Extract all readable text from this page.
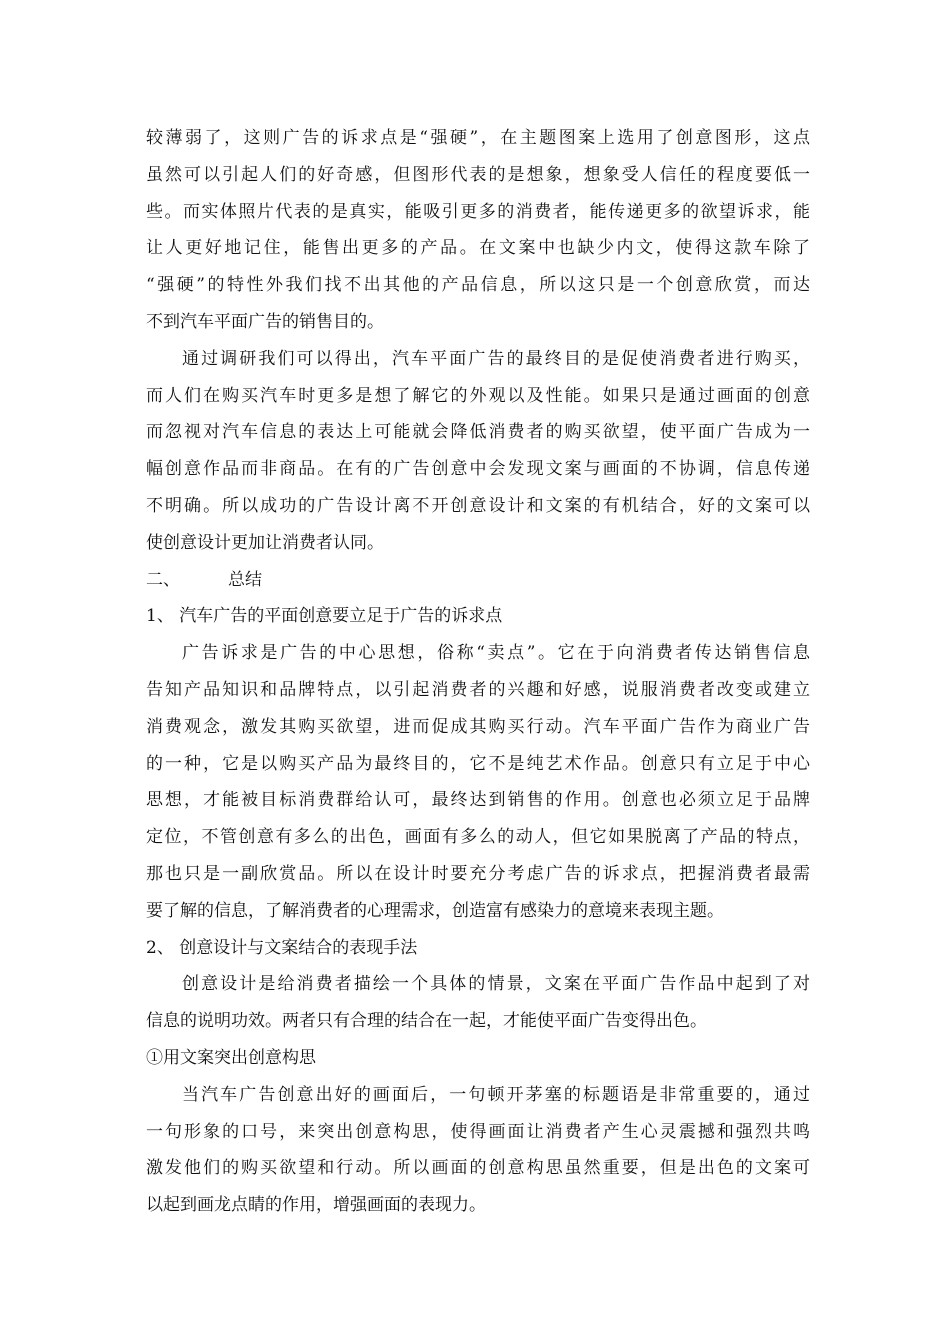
较薄弱了，这则广告的诉求点是“强硬”，在主题图案上选用了创意图形，这点
虽然可以引起人们的好奇感，但图形代表的是想象，想象受人信任的程度要低一
些。而实体照片代表的是真实，能吸引更多的消费者，能传递更多的欲望诉求，能
让人更好地记住，能售出更多的产品。在文案中也缺少内文，使得这款车除了
“强硬”的特性外我们找不出其他的产品信息，所以这只是一个创意欣赏，而达
不到汽车平面广告的销售目的。
通过调研我们可以得出，汽车平面广告的最终目的是促使消费者进行购买，
而人们在购买汽车时更多是想了解它的外观以及性能。如果只是通过画面的创意
而忽视对汽车信息的表达上可能就会降低消费者的购买欲望，使平面广告成为一
幅创意作品而非商品。在有的广告创意中会发现文案与画面的不协调，信息传递
不明确。所以成功的广告设计离不开创意设计和文案的有机结合，好的文案可以
使创意设计更加让消费者认同。
二、	总结
1、 汽车广告的平面创意要立足于广告的诉求点
广告诉求是广告的中心思想，俗称“卖点”。它在于向消费者传达销售信息
告知产品知识和品牌特点，以引起消费者的兴趣和好感，说服消费者改变或建立
消费观念，激发其购买欲望，进而促成其购买行动。汽车平面广告作为商业广告
的一种，它是以购买产品为最终目的，它不是纯艺术作品。创意只有立足于中心
思想，才能被目标消费群给认可，最终达到销售的作用。创意也必须立足于品牌
定位，不管创意有多么的出色，画面有多么的动人，但它如果脱离了产品的特点，
那也只是一副欣赏品。所以在设计时要充分考虑广告的诉求点，把握消费者最需
要了解的信息，了解消费者的心理需求，创造富有感染力的意境来表现主题。
2、 创意设计与文案结合的表现手法
创意设计是给消费者描绘一个具体的情景，文案在平面广告作品中起到了对
信息的说明功效。两者只有合理的结合在一起，才能使平面广告变得出色。
①用文案突出创意构思
当汽车广告创意出好的画面后，一句顿开茅塞的标题语是非常重要的，通过
一句形象的口号，来突出创意构思，使得画面让消费者产生心灵震撼和强烈共鸣
激发他们的购买欲望和行动。所以画面的创意构思虽然重要，但是出色的文案可
以起到画龙点睛的作用，增强画面的表现力。
